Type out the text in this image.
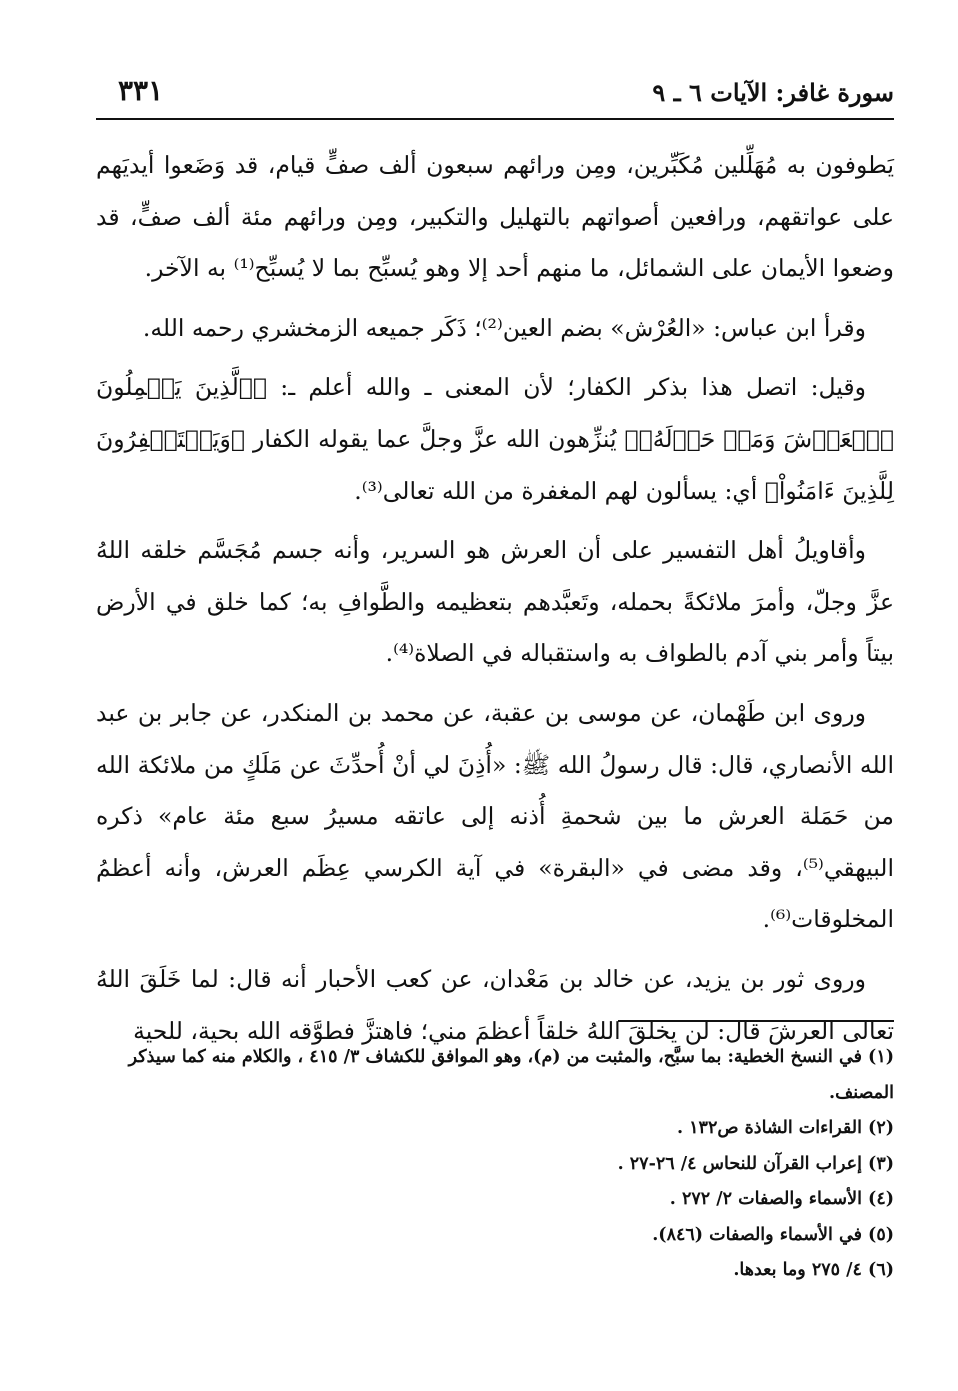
سورة غافر: الآيات ٦ ـ ٩
٣٣١

يَطوفون به مُهَلِّلين مُكَبِّرين، ومِن ورائهم سبعون ألف صفٍّ قيام، قد وَضَعوا أيديَهم على عواتقهم، ورافعين أصواتهم بالتهليل والتكبير، ومِن ورائهم مئة ألف صفٍّ، قد وضعوا الأيمان على الشمائل، ما منهم أحد إلا وهو يُسبِّح بما لا يُسبِّح⁽¹⁾ به الآخر.

وقرأ ابن عباس: «العُرْش» بضم العين⁽²⁾؛ ذَكَر جميعه الزمخشري رحمه الله.

وقيل: اتصل هذا بذكر الكفار؛ لأن المعنى ـ والله أعلم ـ: ﴿ٱلَّذِينَ يَحۡمِلُونَ ٱلۡعَرۡشَ وَمَنۡ حَوۡلَهُۥ﴾ يُنزِّهون الله عزَّ وجلَّ عما يقوله الكفار ﴿وَيَسۡتَغۡفِرُونَ لِلَّذِينَ ءَامَنُواْ﴾ أي: يسألون لهم المغفرة من الله تعالى⁽³⁾.

وأقاويلُ أهل التفسير على أن العرش هو السرير، وأنه جسم مُجَسَّم خلقه اللهُ عزَّ وجلّ، وأمرَ ملائكةً بحمله، وتَعبَّدهم بتعظيمه والطَّوافِ به؛ كما خلق في الأرض بيتاً وأمر بني آدم بالطواف به واستقباله في الصلاة⁽⁴⁾.

وروى ابن طَهْمان، عن موسى بن عقبة، عن محمد بن المنكدر، عن جابر بن عبد الله الأنصاري، قال: قال رسولُ الله ﷺ: «أُذِنَ لي أنْ أُحدِّثَ عن مَلَكٍ من ملائكة الله من حَمَلة العرش ما بين شحمةِ أُذنه إلى عاتقه مسيرُ سبع مئة عام» ذكره البيهقي⁽⁵⁾، وقد مضى في «البقرة» في آية الكرسي عِظَم العرش، وأنه أعظمُ المخلوقات⁽⁶⁾.

وروى ثور بن يزيد، عن خالد بن مَعْدان، عن كعب الأحبار أنه قال: لما خَلَقَ اللهُ تعالى العرشَ قال: لن يخلقَ اللهُ خلقاً أعظمَ مني؛ فاهتزَّ فطوَّقه الله بحية، للحية

(١) في النسخ الخطية: بما سبَّح، والمثبت من (م)، وهو الموافق للكشاف ٣/ ٤١٥ ، والكلام منه كما سيذكر المصنف.

(٢) القراءات الشاذة ص١٣٢ .

(٣) إعراب القرآن للنحاس ٤/ ٢٦-٢٧ .

(٤) الأسماء والصفات ٢/ ٢٧٢ .

(٥) في الأسماء والصفات (٨٤٦).

(٦) ٤/ ٢٧٥ وما بعدها.
